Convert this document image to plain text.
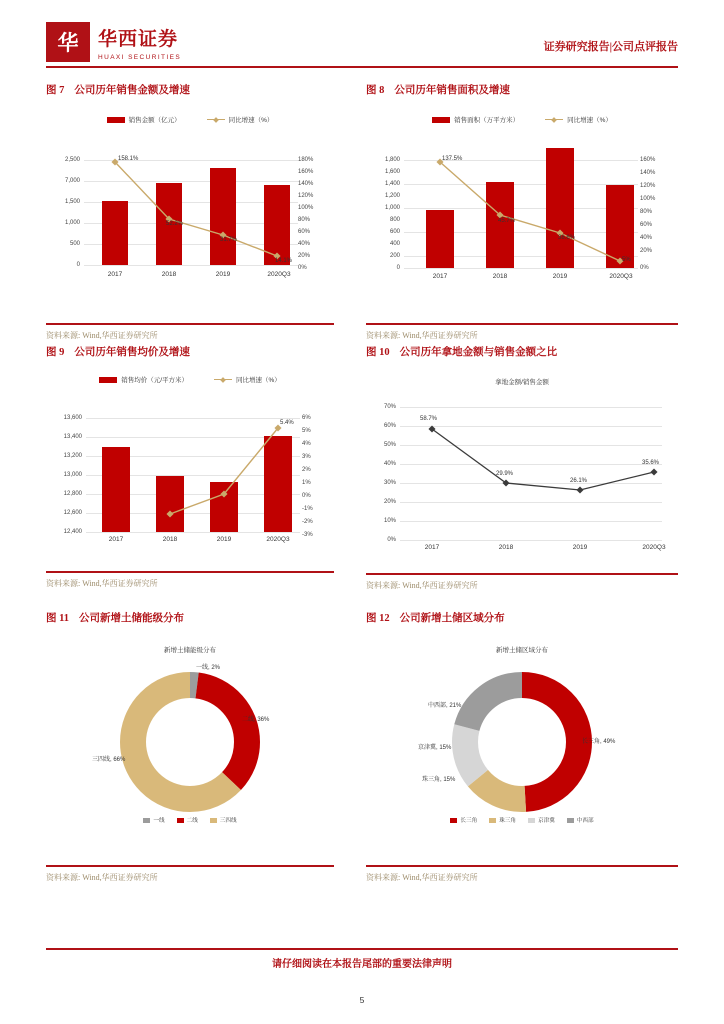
华	华西证券
HUAXI SECURITIES
证券研究报告|公司点评报告
图 7 公司历年销售金额及增速
销售金额（亿元）	同比增速（%）
2,500
7,000
1,500
1,000
500
0
158.1%
52.2%
31.7%
14.1%
180%
160%
140%
120%
100%
80%
60%
40%
20%
0%
2017	2018	2019	2020Q3
资料来源: Wind,华西证券研究所
图 8 公司历年销售面积及增速
销售面积（万平方米）	同比增速（%）
1,800
1,600
1,400
1,200
1,000
800
600
400
200
0
137.5%
45.7%
38.6%
5%
160%
140%
120%
100%
80%
60%
40%
20%
0%
2017	2018	2019	2020Q3
资料来源: Wind,华西证券研究所
图 9 公司历年销售均价及增速
销售均价（元/平方米）	同比增速（%）
13,600
13,400
13,200
13,000
12,800
12,600
12,400
5.4%
6%
5%
4%
3%
2%
1%
0%
-1%
-2%
-3%
2017	2018	2019	2020Q3
资料来源: Wind,华西证券研究所
图 10 公司历年拿地金额与销售金额之比
拿地金额/销售金额
70%
60%
50%
40%
30%
20%
10%
0%
58.7%
29.9%
26.1%
35.6%
2017	2018	2019	2020Q3
资料来源: Wind,华西证券研究所
图 11 公司新增土储能级分布
新增土储能级分布
一线, 2%
二线, 36%
三四线, 66%
一线	二线	三四线
资料来源: Wind,华西证券研究所
图 12 公司新增土储区域分布
新增土储区域分布
长三角, 49%
珠三角, 15%
京津冀, 15%
中西部, 21%
长三角	珠三角	京津冀	中西部
资料来源: Wind,华西证券研究所
请仔细阅读在本报告尾部的重要法律声明
5
